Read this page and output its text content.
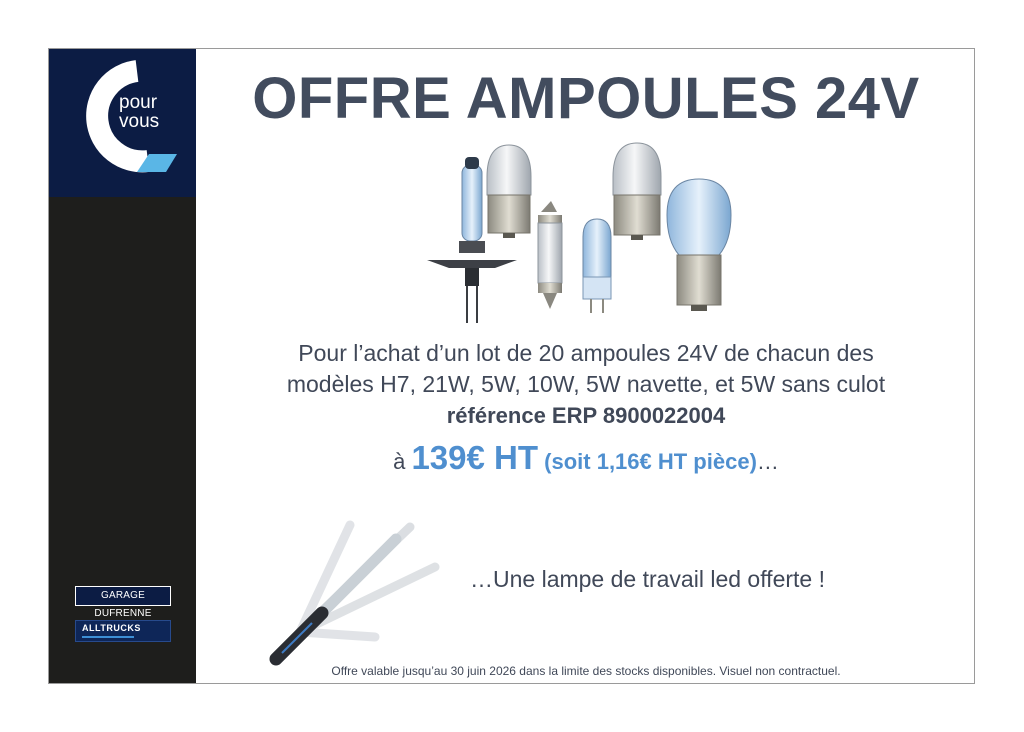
pour
vous
GARAGE DUFRENNE
ALLTRUCKS
OFFRE AMPOULES 24V
Pour l’achat d’un lot de 20 ampoules 24V de chacun des
modèles H7, 21W, 5W, 10W, 5W navette, et 5W sans culot
référence ERP 8900022004
à 139€ HT (soit 1,16€ HT pièce)…
…Une lampe de travail led offerte !
Offre valable jusqu’au 30 juin 2026 dans la limite des stocks disponibles. Visuel non contractuel.
